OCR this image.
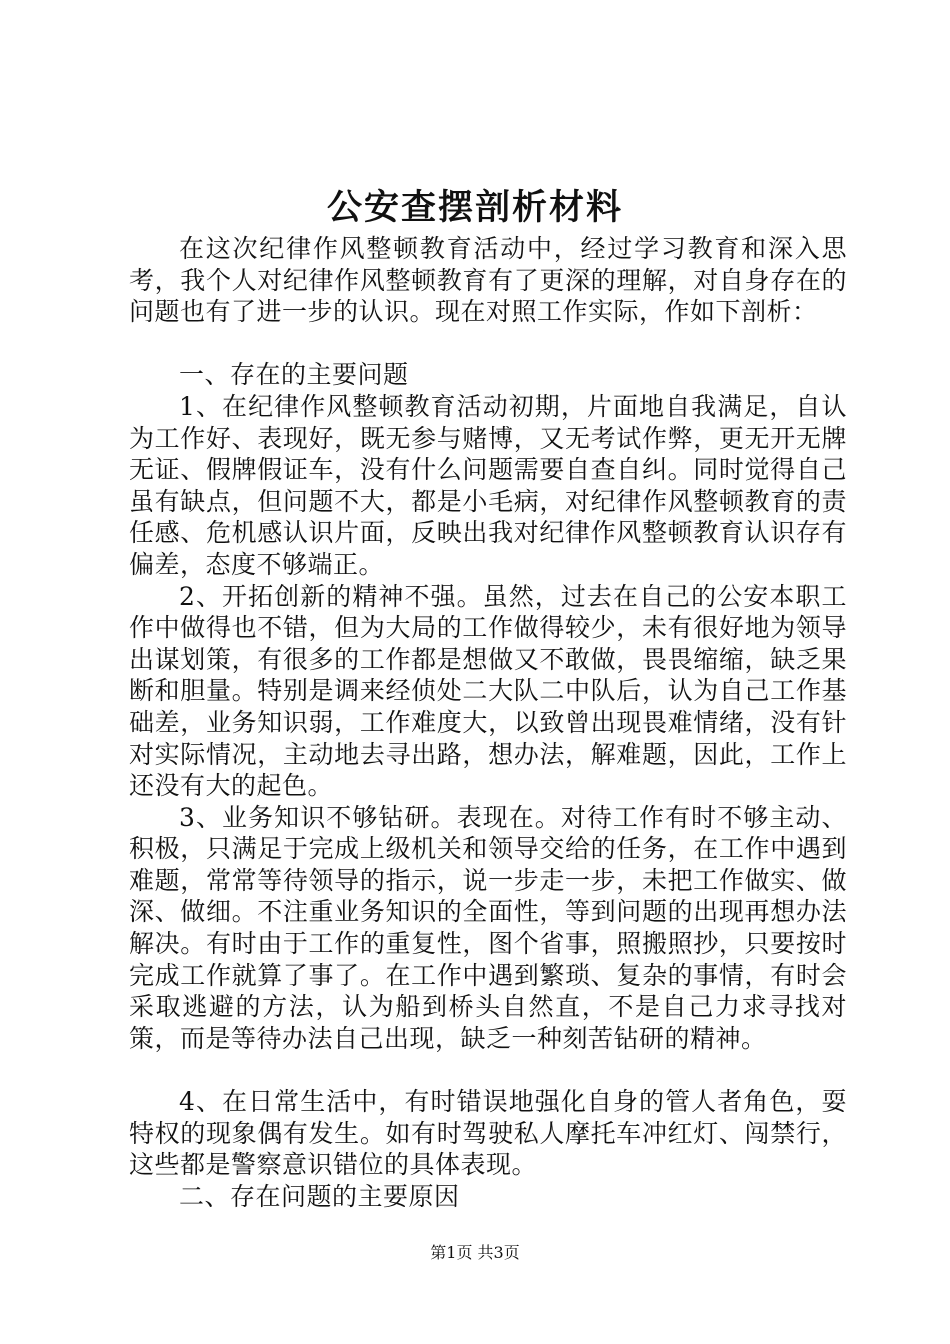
公安查摆剖析材料

在这次纪律作风整顿教育活动中，经过学习教育和深入思考，我个人对纪律作风整顿教育有了更深的理解，对自身存在的问题也有了进一步的认识。现在对照工作实际，作如下剖析：

一、存在的主要问题

1、在纪律作风整顿教育活动初期，片面地自我满足，自认为工作好、表现好，既无参与赌博，又无考试作弊，更无开无牌无证、假牌假证车，没有什么问题需要自查自纠。同时觉得自己虽有缺点，但问题不大，都是小毛病，对纪律作风整顿教育的责任感、危机感认识片面，反映出我对纪律作风整顿教育认识存有偏差，态度不够端正。

2、开拓创新的精神不强。虽然，过去在自己的公安本职工作中做得也不错，但为大局的工作做得较少，未有很好地为领导出谋划策，有很多的工作都是想做又不敢做，畏畏缩缩，缺乏果断和胆量。特别是调来经侦处二大队二中队后，认为自己工作基础差，业务知识弱，工作难度大，以致曾出现畏难情绪，没有针对实际情况，主动地去寻出路，想办法，解难题，因此，工作上还没有大的起色。

3、业务知识不够钻研。表现在。对待工作有时不够主动、积极，只满足于完成上级机关和领导交给的任务，在工作中遇到难题，常常等待领导的指示，说一步走一步，未把工作做实、做深、做细。不注重业务知识的全面性，等到问题的出现再想办法解决。有时由于工作的重复性，图个省事，照搬照抄，只要按时完成工作就算了事了。在工作中遇到繁琐、复杂的事情，有时会采取逃避的方法，认为船到桥头自然直，不是自己力求寻找对策，而是等待办法自己出现，缺乏一种刻苦钻研的精神。

4、在日常生活中，有时错误地强化自身的管人者角色，耍特权的现象偶有发生。如有时驾驶私人摩托车冲红灯、闯禁行，这些都是警察意识错位的具体表现。

二、存在问题的主要原因

第1页 共3页
